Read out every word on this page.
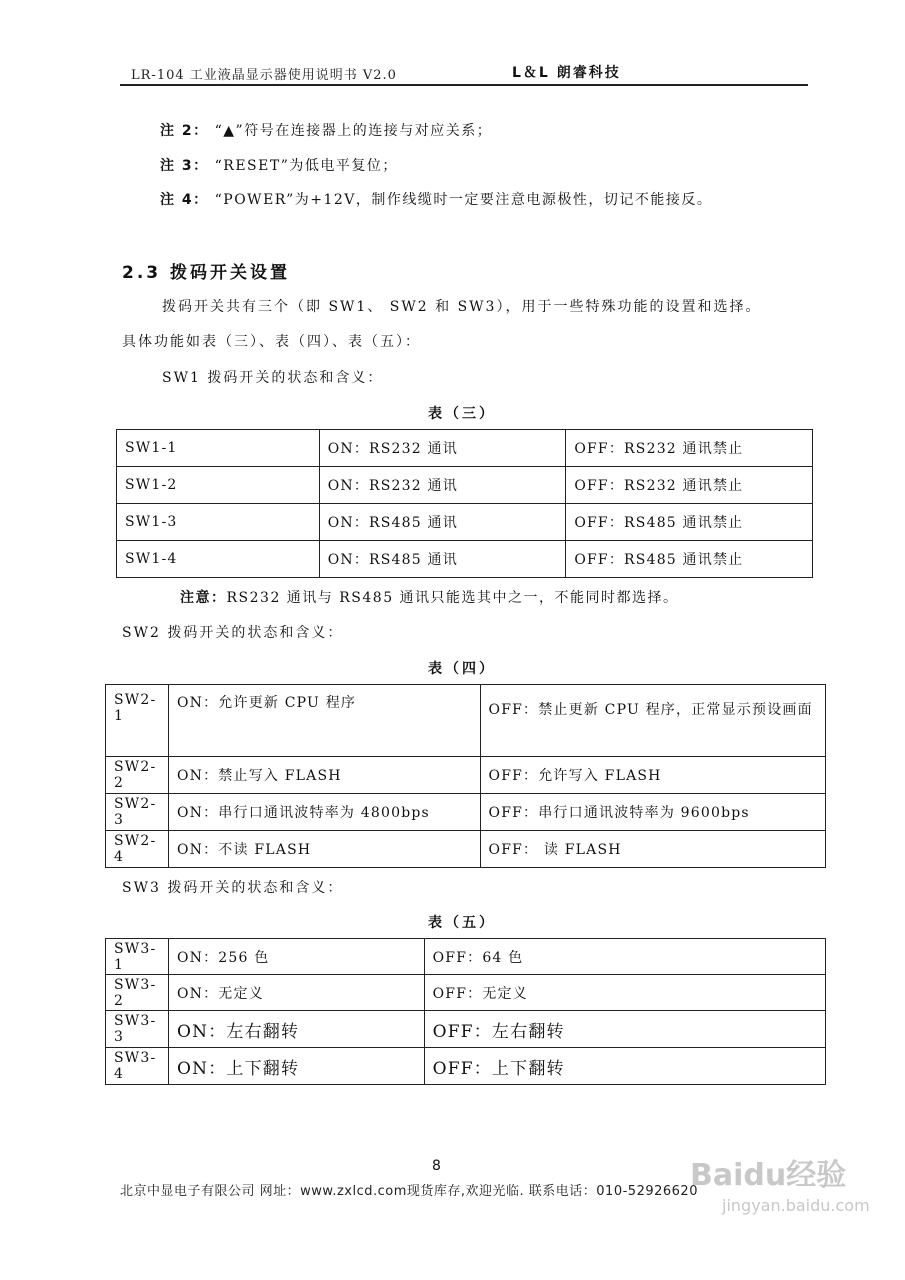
LR-104 工业液晶显示器使用说明书 V2.0	L＆L 朗睿科技
注 2： “▲”符号在连接器上的连接与对应关系；
注 3： “RESET”为低电平复位；
注 4： “POWER”为+12V，制作线缆时一定要注意电源极性，切记不能接反。
2.3 拨码开关设置
拨码开关共有三个（即 SW1、 SW2 和 SW3），用于一些特殊功能的设置和选择。
具体功能如表（三）、表（四）、表（五）：
SW1 拨码开关的状态和含义：
表（三）
SW1-1	ON：RS232 通讯	OFF：RS232 通讯禁止
SW1-2	ON：RS232 通讯	OFF：RS232 通讯禁止
SW1-3	ON：RS485 通讯	OFF：RS485 通讯禁止
SW1-4	ON：RS485 通讯	OFF：RS485 通讯禁止
注意：RS232 通讯与 RS485 通讯只能选其中之一，不能同时都选择。
SW2 拨码开关的状态和含义：
表（四）
SW2-1	ON：允许更新 CPU 程序	OFF：禁止更新 CPU 程序，正常显示预设画面
SW2-2	ON：禁止写入 FLASH	OFF：允许写入 FLASH
SW2-3	ON：串行口通讯波特率为 4800bps	OFF：串行口通讯波特率为 9600bps
SW2-4	ON：不读 FLASH	OFF： 读 FLASH
SW3 拨码开关的状态和含义：
表（五）
SW3-1	ON：256 色	OFF：64 色
SW3-2	ON：无定义	OFF：无定义
SW3-3	ON：左右翻转	OFF：左右翻转
SW3-4	ON：上下翻转	OFF：上下翻转
8
北京中显电子有限公司 网址：www.zxlcd.com现货库存,欢迎光临. 联系电话：010-52926620
Baidu经验
jingyan.baidu.com
